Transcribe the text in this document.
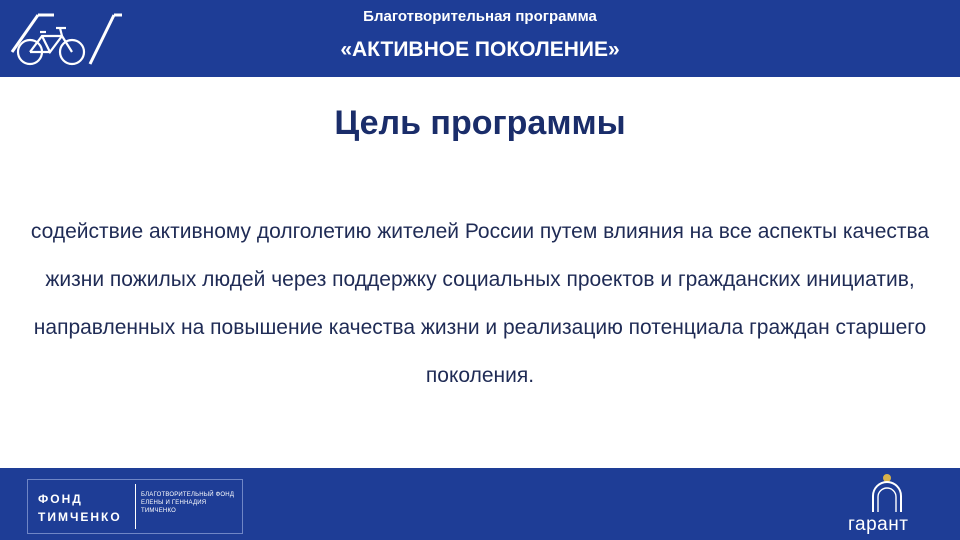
Благотворительная программа
«АКТИВНОЕ ПОКОЛЕНИЕ»
Цель программы
содействие активному долголетию жителей России путем влияния на все аспекты качества жизни пожилых людей через поддержку социальных проектов и гражданских инициатив, направленных на повышение качества жизни и реализацию потенциала граждан старшего поколения.
ФОНД
ТИМЧЕНКО
БЛАГОТВОРИТЕЛЬНЫЙ ФОНД
ЕЛЕНЫ И ГЕННАДИЯ
ТИМЧЕНКО
гарант
